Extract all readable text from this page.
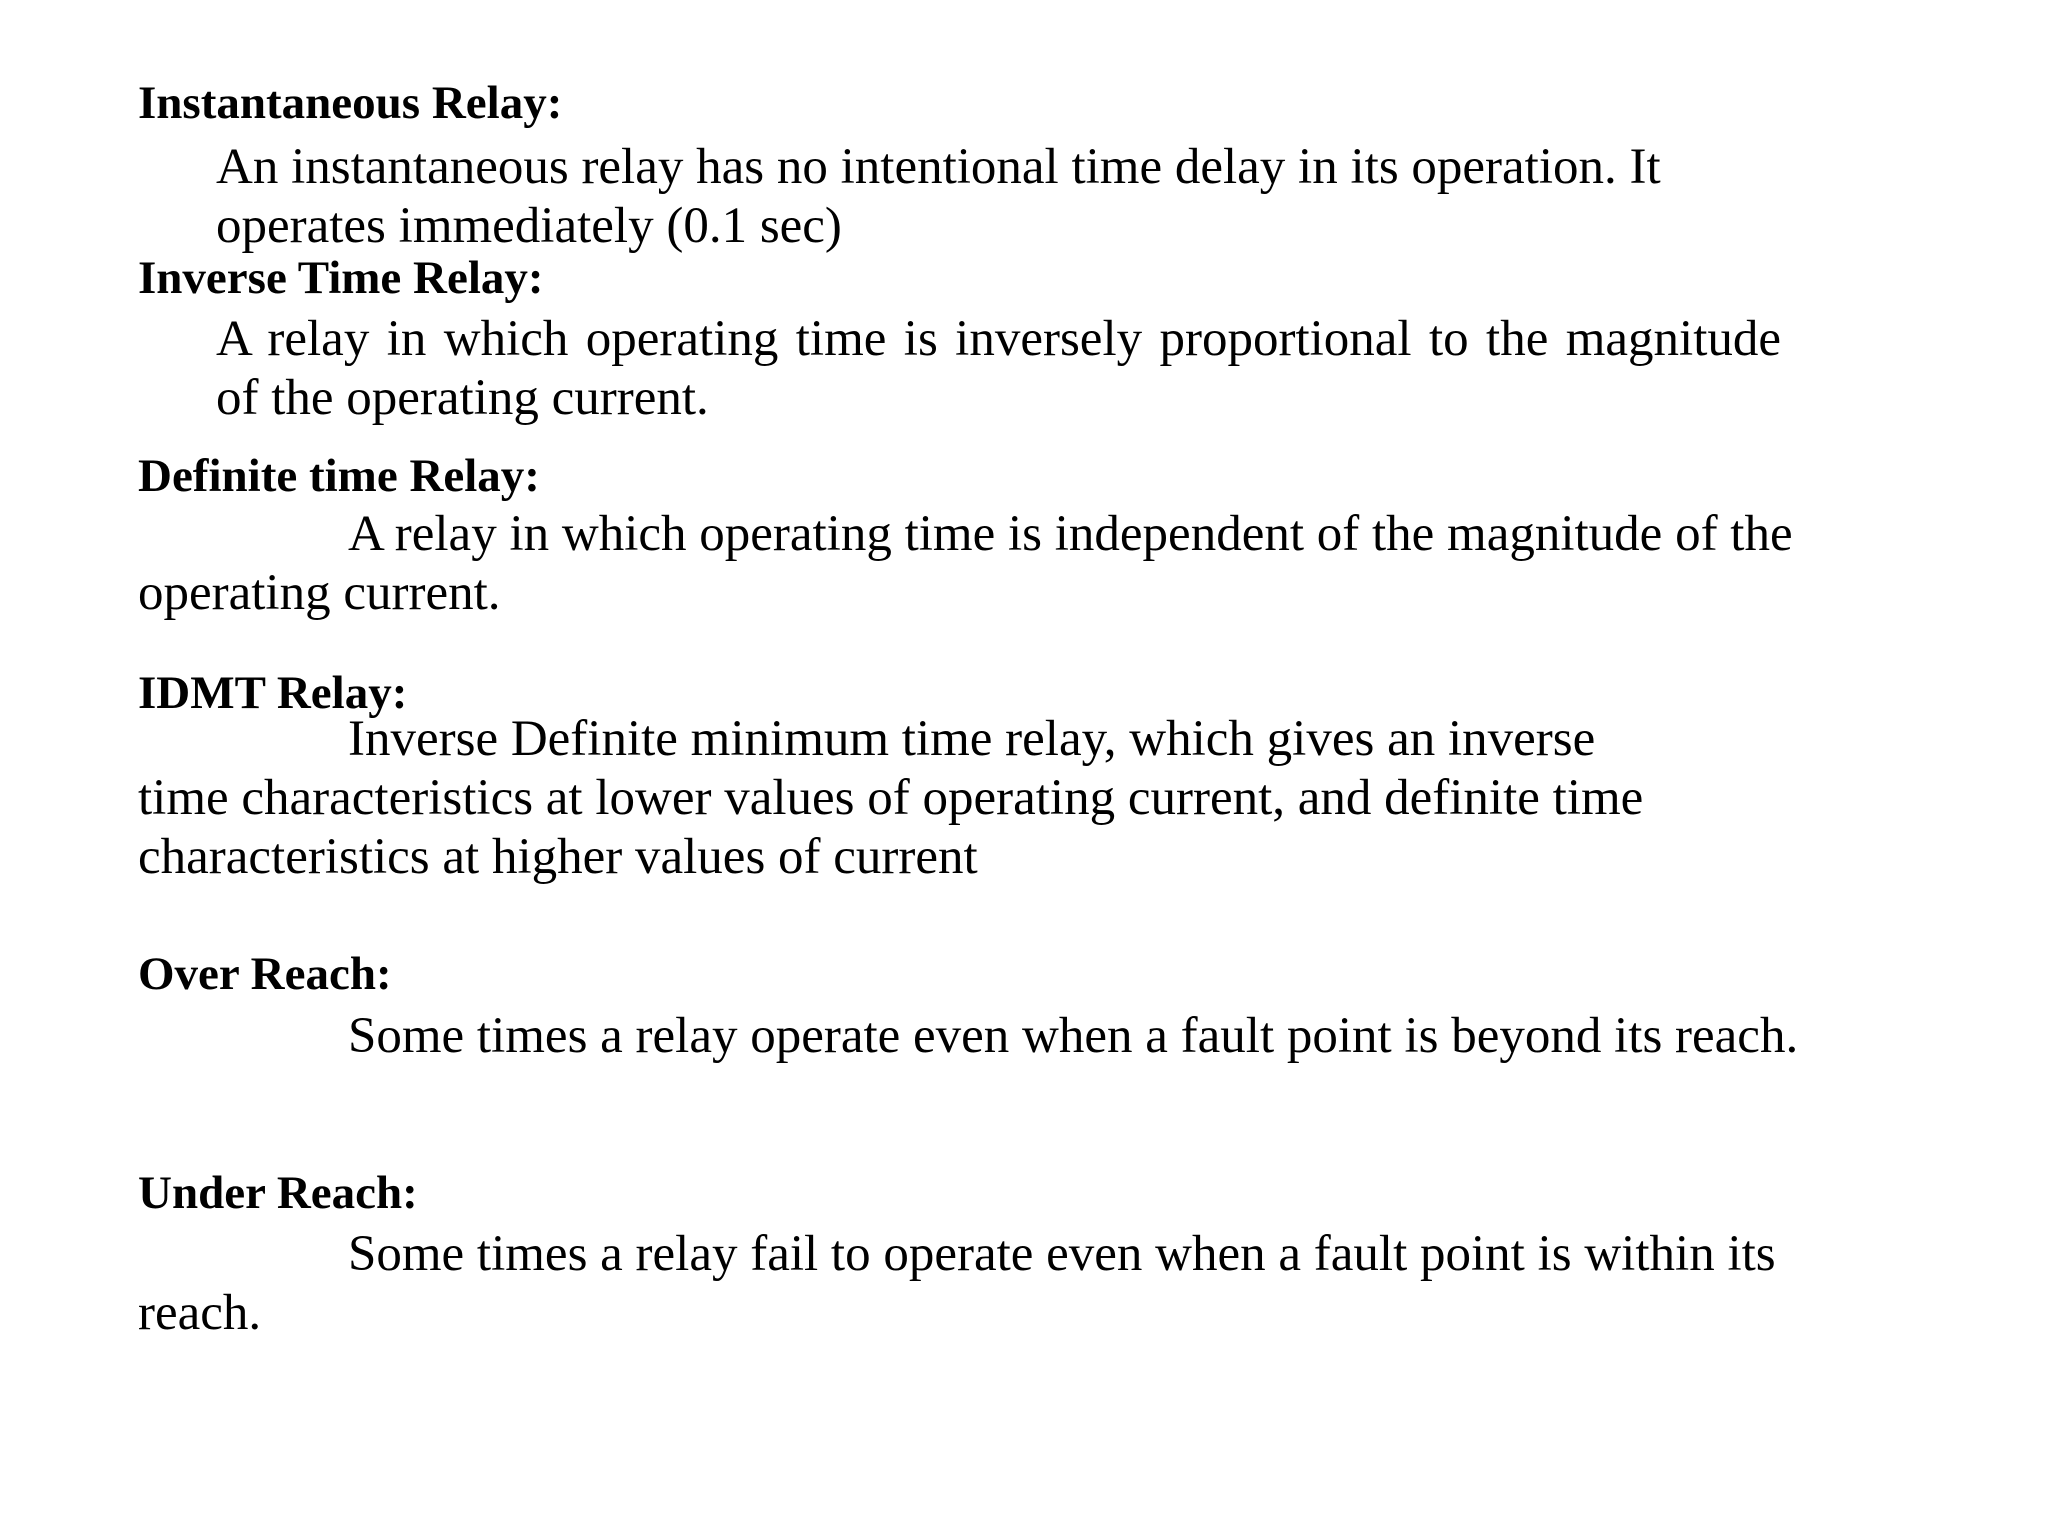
Instantaneous Relay:

An instantaneous relay has no intentional time delay in its operation. It operates immediately (0.1 sec)

Inverse Time Relay:

A relay in which operating time is inversely proportional to the magnitude of the operating current.

Definite time Relay:

A relay in which operating time is independent of the magnitude of the operating current.

IDMT Relay:

Inverse Definite minimum time relay, which gives an inverse time characteristics at lower values of operating current, and definite time characteristics at higher values of current

Over Reach:

Some times a relay operate even when a fault point is beyond its reach.

Under Reach:

Some times a relay fail to operate even when a fault point is within its reach.
